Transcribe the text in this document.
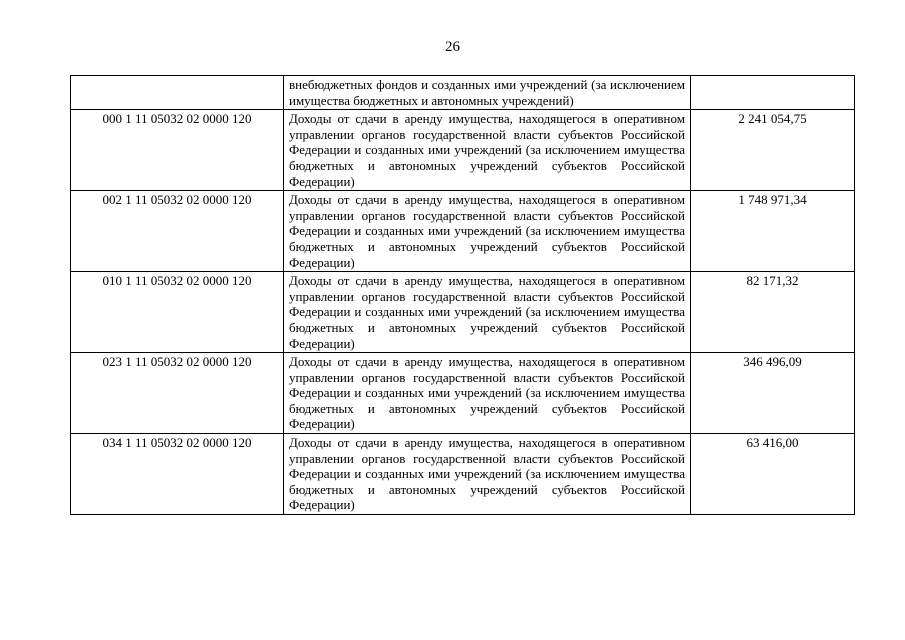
26
	внебюджетных фондов и созданных ими учреждений (за исключением имущества бюджетных и автономных учреждений)	
000 1 11 05032 02 0000 120	Доходы от сдачи в аренду имущества, находящегося в оперативном управлении органов государственной власти субъектов Российской Федерации и созданных ими учреждений (за исключением имущества бюджетных и автономных учреждений субъектов Российской Федерации)	2 241 054,75
002 1 11 05032 02 0000 120	Доходы от сдачи в аренду имущества, находящегося в оперативном управлении органов государственной власти субъектов Российской Федерации и созданных ими учреждений (за исключением имущества бюджетных и автономных учреждений субъектов Российской Федерации)	1 748 971,34
010 1 11 05032 02 0000 120	Доходы от сдачи в аренду имущества, находящегося в оперативном управлении органов государственной власти субъектов Российской Федерации и созданных ими учреждений (за исключением имущества бюджетных и автономных учреждений субъектов Российской Федерации)	82 171,32
023 1 11 05032 02 0000 120	Доходы от сдачи в аренду имущества, находящегося в оперативном управлении органов государственной власти субъектов Российской Федерации и созданных ими учреждений (за исключением имущества бюджетных и автономных учреждений субъектов Российской Федерации)	346 496,09
034 1 11 05032 02 0000 120	Доходы от сдачи в аренду имущества, находящегося в оперативном управлении органов государственной власти субъектов Российской Федерации и созданных ими учреждений (за исключением имущества бюджетных и автономных учреждений субъектов Российской Федерации)	63 416,00
